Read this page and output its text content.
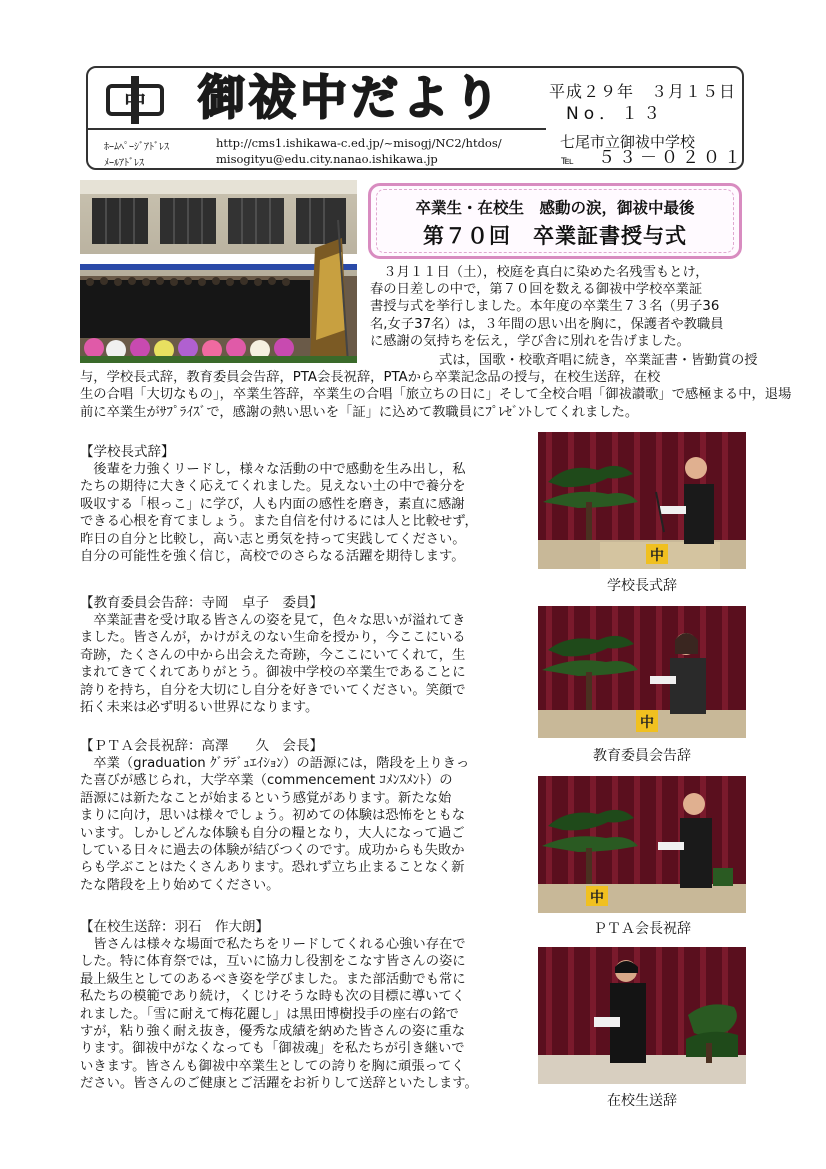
中 御祓中だより	平成２９年　３月１５日
No．１３
七尾市立御祓中学校
℡ ５３－０２０１
ﾎｰﾑﾍﾟｰｼﾞｱﾄﾞﾚｽ
ﾒｰﾙｱﾄﾞﾚｽ
http://cms1.ishikawa-c.ed.jp/~misogj/NC2/htdos/
misogityu@edu.city.nanao.ishikawa.jp
卒業生・在校生　感動の涙，御祓中最後
第７０回　卒業証書授与式
　３月１１日（土），校庭を真白に染めた名残雪もとけ，
春の日差しの中で，第７０回を数える御祓中学校卒業証
書授与式を挙行しました。本年度の卒業生７３名（男子36
名,女子37名）は，３年間の思い出を胸に，保護者や教職員
に感謝の気持ちを伝え，学び舎に別れを告げました。
　　　　　　　　　　　　　　　　　　　　　　　　　　　式は，国歌・校歌斉唱に続き，卒業証書・皆勤賞の授
与，学校長式辞，教育委員会告辞，PTA会長祝辞，PTAから卒業記念品の授与，在校生送辞，在校
生の合唱「大切なもの」，卒業生答辞，卒業生の合唱「旅立ちの日に」そして全校合唱「御祓讃歌」で感極まる中，退場
前に卒業生がｻﾌﾟﾗｲｽﾞで，感謝の熱い思いを「証」に込めて教職員にﾌﾟﾚｾﾞﾝﾄしてくれました。
【学校長式辞】
　後輩を力強くリードし，様々な活動の中で感動を生み出し，私
たちの期待に大きく応えてくれました。見えない土の中で養分を
吸収する「根っこ」に学び，人も内面の感性を磨き，素直に感謝
できる心根を育てましょう。また自信を付けるには人と比較せず，
昨日の自分と比較し，高い志と勇気を持って実践してください。
自分の可能性を強く信じ，高校でのさらなる活躍を期待します。
【教育委員会告辞：寺岡　卓子　委員】
　卒業証書を受け取る皆さんの姿を見て，色々な思いが溢れてき
ました。皆さんが，かけがえのない生命を授かり，今ここにいる
奇跡，たくさんの中から出会えた奇跡，今ここにいてくれて，生
まれてきてくれてありがとう。御祓中学校の卒業生であることに
誇りを持ち，自分を大切にし自分を好きでいてください。笑顔で
拓く未来は必ず明るい世界になります。
【ＰＴＡ会長祝辞：高澤　　久　会長】
　卒業（graduation ｸﾞﾗﾃﾞｭｴｲｼｮﾝ）の語源には，階段を上りきっ
た喜びが感じられ，大学卒業（commencement ｺﾒﾝｽﾒﾝﾄ）の
語源には新たなことが始まるという感覚があります。新たな始
まりに向け，思いは様々でしょう。初めての体験は恐怖をともな
います。しかしどんな体験も自分の糧となり，大人になって過ご
している日々に過去の体験が結びつくのです。成功からも失敗か
らも学ぶことはたくさんあります。恐れず立ち止まることなく新
たな階段を上り始めてください。
【在校生送辞：羽石　作大朗】
　皆さんは様々な場面で私たちをリードしてくれる心強い存在で
した。特に体育祭では，互いに協力し役割をこなす皆さんの姿に
最上級生としてのあるべき姿を学びました。また部活動でも常に
私たちの模範であり続け，くじけそうな時も次の目標に導いてく
れました。「雪に耐えて梅花麗し」は黒田博樹投手の座右の銘で
すが，粘り強く耐え抜き，優秀な成績を納めた皆さんの姿に重な
ります。御祓中がなくなっても「御祓魂」を私たちが引き継いで
いきます。皆さんも御祓中卒業生としての誇りを胸に頑張ってく
ださい。皆さんのご健康とご活躍をお祈りして送辞といたします。
中
学校長式辞
中
教育委員会告辞
中
ＰＴＡ会長祝辞
在校生送辞
